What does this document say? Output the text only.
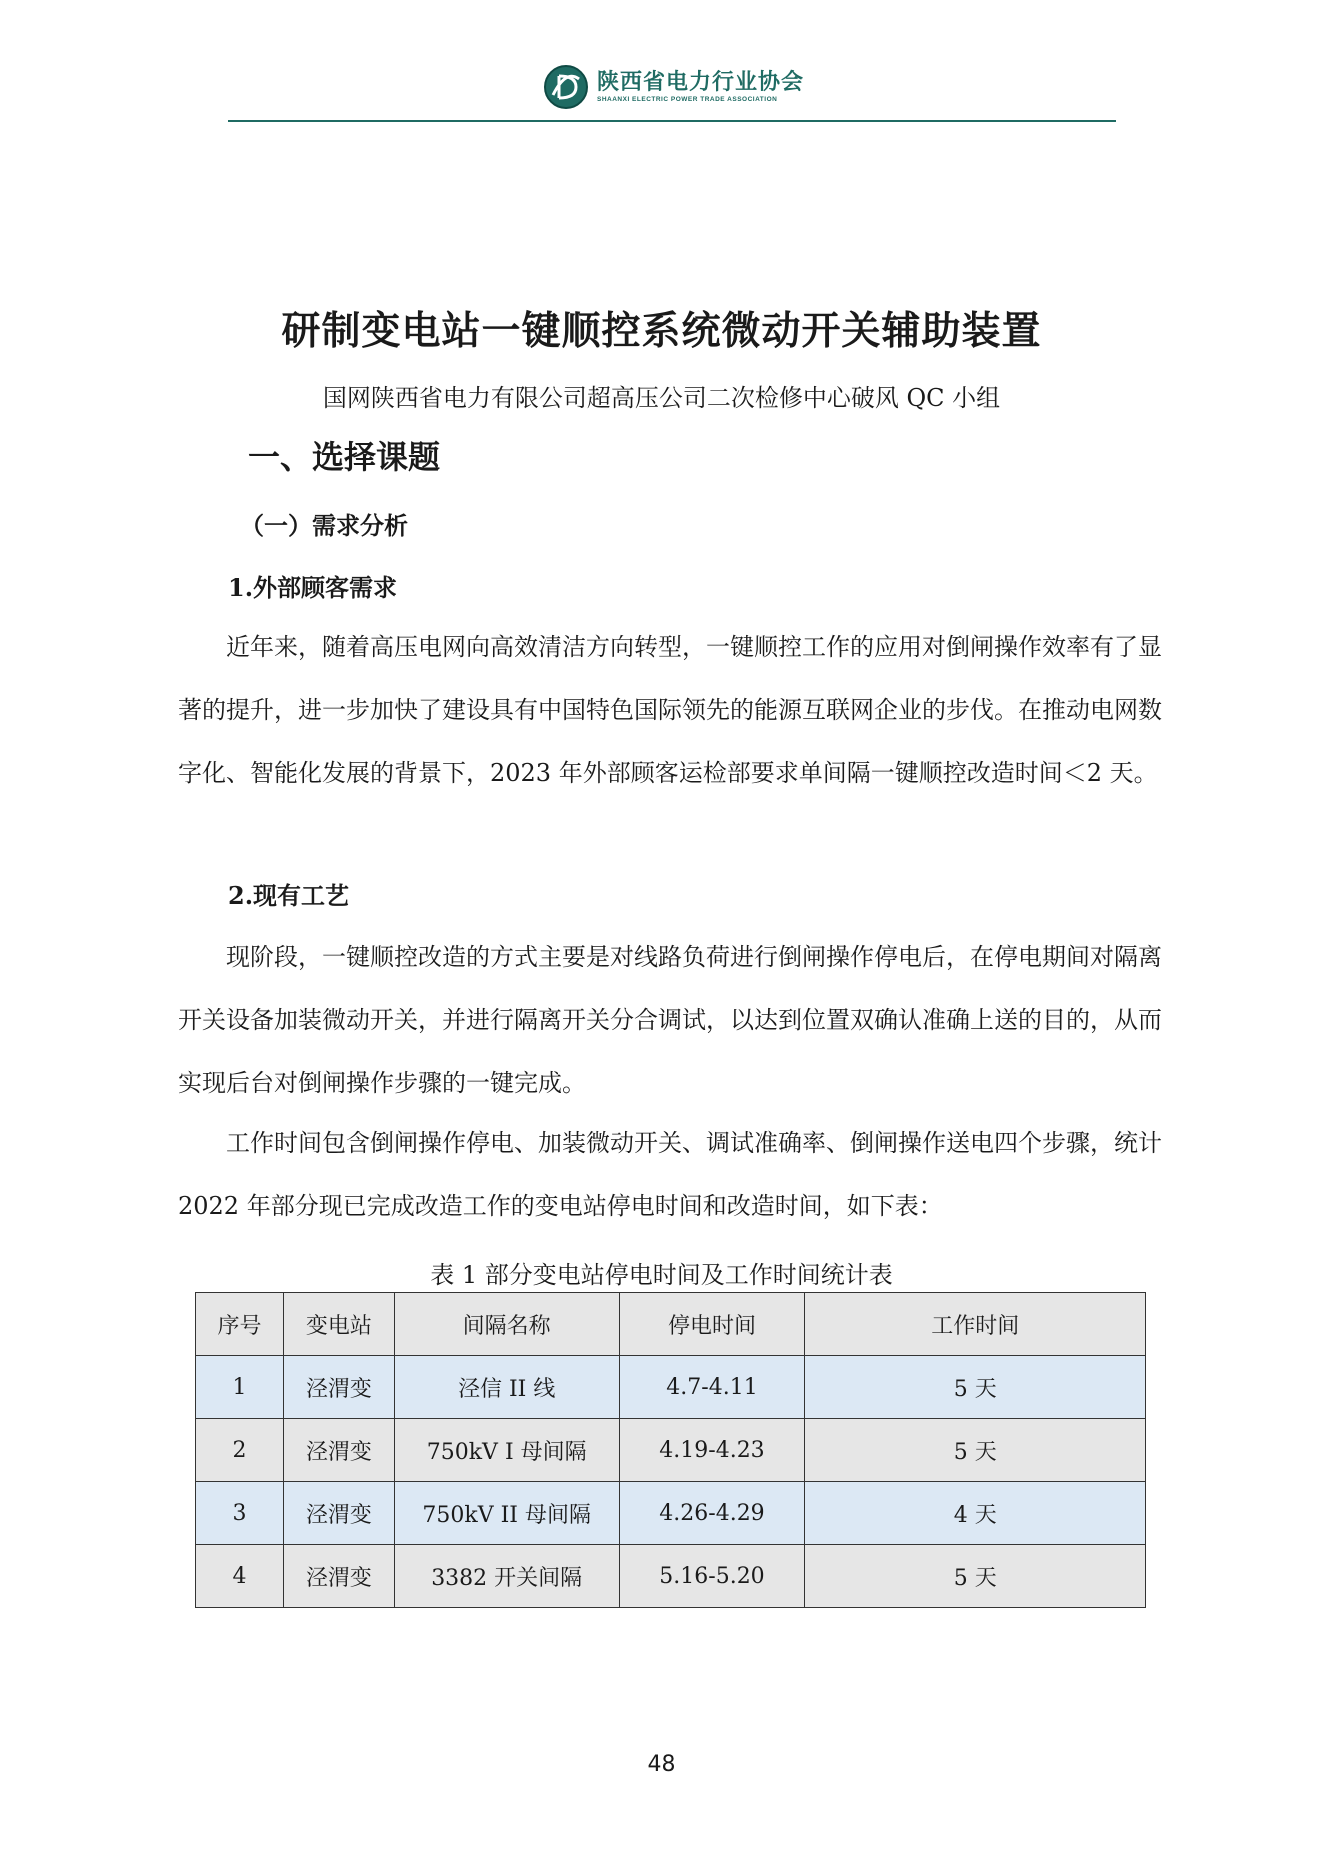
陕西省电力行业协会
SHAANXI ELECTRIC POWER TRADE ASSOCIATION
研制变电站一键顺控系统微动开关辅助装置
国网陕西省电力有限公司超高压公司二次检修中心破风 QC 小组
一、选择课题
（一）需求分析
1.外部顾客需求
近年来，随着高压电网向高效清洁方向转型，一键顺控工作的应用对倒闸操作效率有了显著的提升，进一步加快了建设具有中国特色国际领先的能源互联网企业的步伐。在推动电网数字化、智能化发展的背景下，2023 年外部顾客运检部要求单间隔一键顺控改造时间＜2 天。
2.现有工艺
现阶段，一键顺控改造的方式主要是对线路负荷进行倒闸操作停电后，在停电期间对隔离开关设备加装微动开关，并进行隔离开关分合调试，以达到位置双确认准确上送的目的，从而实现后台对倒闸操作步骤的一键完成。
工作时间包含倒闸操作停电、加装微动开关、调试准确率、倒闸操作送电四个步骤，统计 2022 年部分现已完成改造工作的变电站停电时间和改造时间，如下表：
表 1 部分变电站停电时间及工作时间统计表
序号	变电站	间隔名称	停电时间	工作时间
1	泾渭变	泾信 II 线	4.7-4.11	5 天
2	泾渭变	750kV I 母间隔	4.19-4.23	5 天
3	泾渭变	750kV II 母间隔	4.26-4.29	4 天
4	泾渭变	3382 开关间隔	5.16-5.20	5 天
48
